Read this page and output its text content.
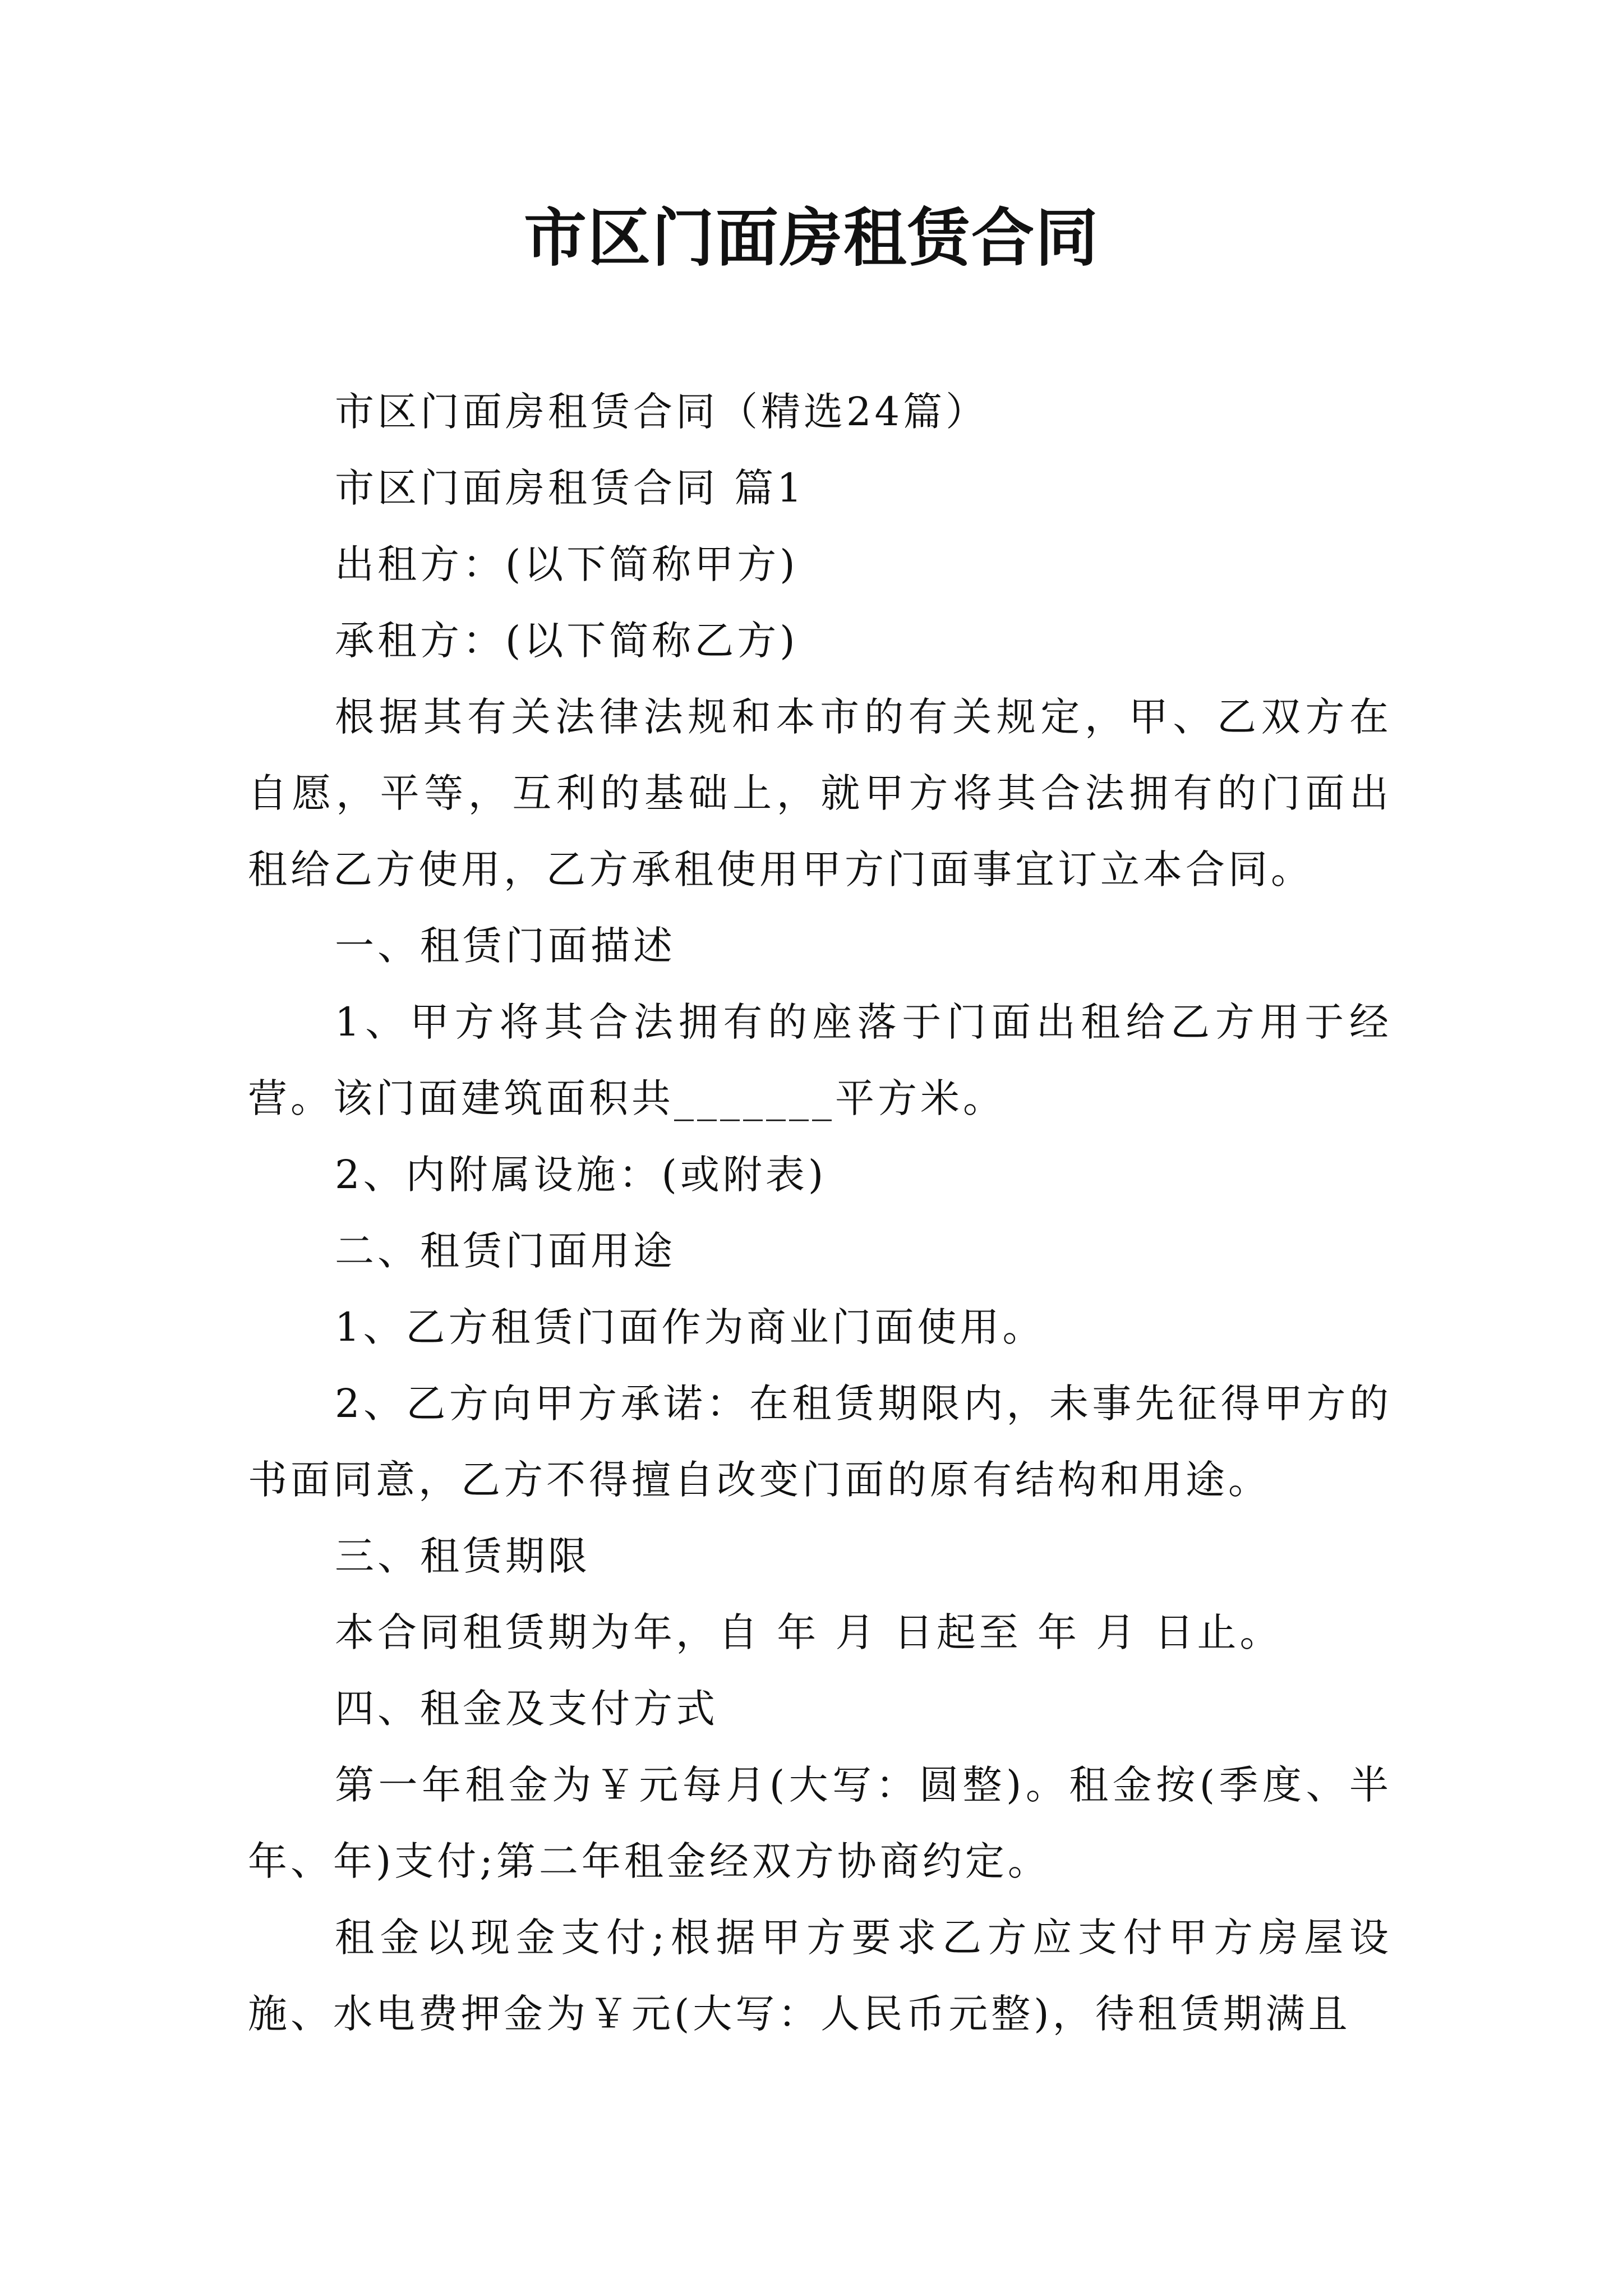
市区门面房租赁合同

市区门面房租赁合同（精选24篇）

市区门面房租赁合同 篇1

出租方：(以下简称甲方)

承租方：(以下简称乙方)

根据其有关法律法规和本市的有关规定，甲、乙双方在自愿，平等，互利的基础上，就甲方将其合法拥有的门面出租给乙方使用，乙方承租使用甲方门面事宜订立本合同。

一、租赁门面描述

1、甲方将其合法拥有的座落于门面出租给乙方用于经营。该门面建筑面积共_______平方米。

2、内附属设施：(或附表)

二、租赁门面用途

1、乙方租赁门面作为商业门面使用。

2、乙方向甲方承诺：在租赁期限内，未事先征得甲方的书面同意，乙方不得擅自改变门面的原有结构和用途。

三、租赁期限

本合同租赁期为年，自 年 月 日起至 年 月 日止。

四、租金及支付方式

第一年租金为￥元每月(大写：圆整)。租金按(季度、半年、年)支付;第二年租金经双方协商约定。

租金以现金支付;根据甲方要求乙方应支付甲方房屋设施、水电费押金为￥元(大写：人民币元整)，待租赁期满且
